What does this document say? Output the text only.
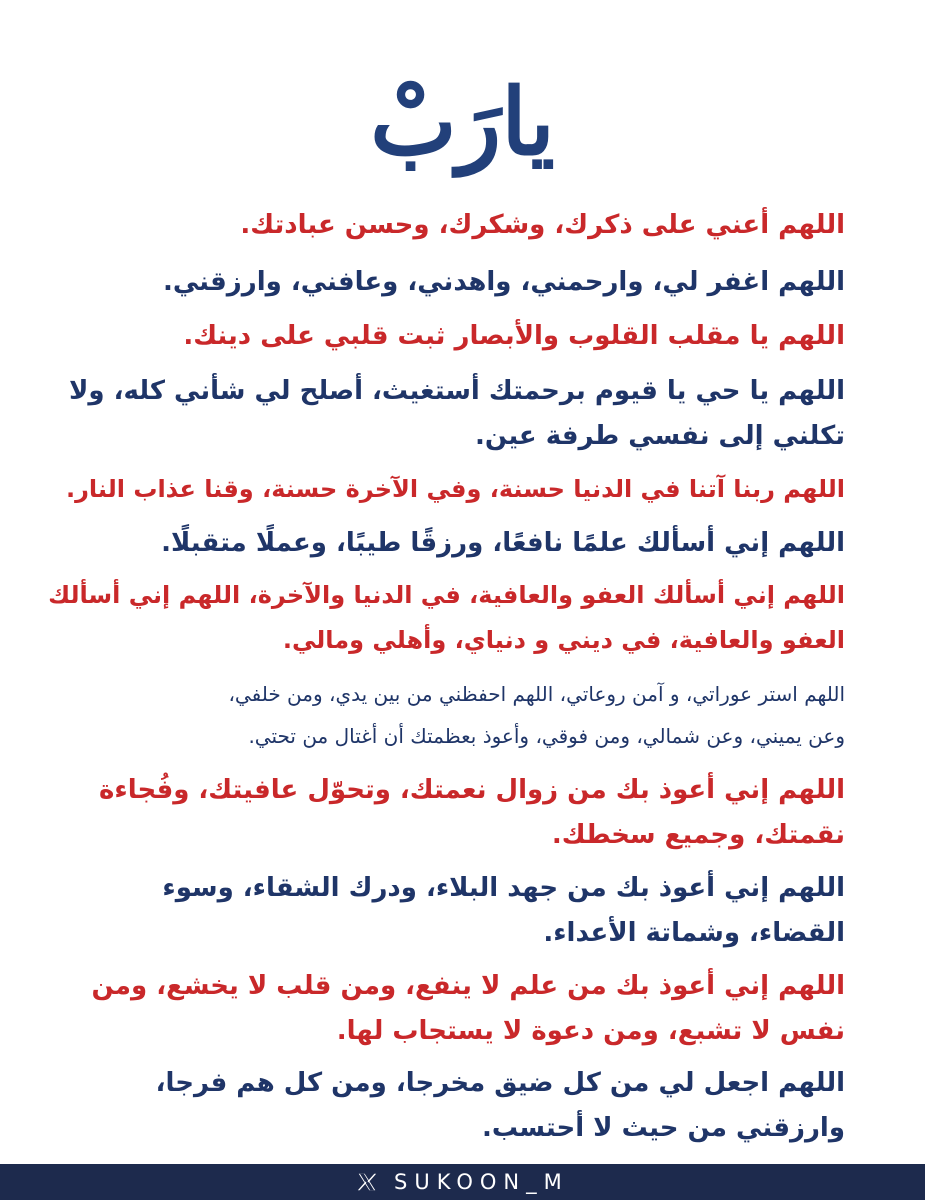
يارَبْ

اللهم أعني على ذكرك، وشكرك، وحسن عبادتك.

اللهم اغفر لي، وارحمني، واهدني، وعافني، وارزقني.

اللهم يا مقلب القلوب والأبصار ثبت قلبي على دينك.

اللهم يا حي يا قيوم برحمتك أستغيث، أصلح لي شأني كله، ولا

تكلني إلى نفسي طرفة عين.

اللهم ربنا آتنا في الدنيا حسنة، وفي الآخرة حسنة، وقنا عذاب النار.

اللهم إني أسألك علمًا نافعًا، ورزقًا طيبًا، وعملًا متقبلًا.

اللهم إني أسألك العفو والعافية، في الدنيا والآخرة، اللهم إني أسألك

العفو والعافية، في ديني و دنياي، وأهلي ومالي.

اللهم استر عوراتي، و آمن روعاتي، اللهم احفظني من بين يدي، ومن خلفي،

وعن يميني، وعن شمالي، ومن فوقي، وأعوذ بعظمتك أن أغتال من تحتي.

اللهم إني أعوذ بك من زوال نعمتك، وتحوّل عافيتك، وفُجاءة

نقمتك، وجميع سخطك.

اللهم إني أعوذ بك من جهد البلاء، ودرك الشقاء، وسوء

القضاء، وشماتة الأعداء.

اللهم إني أعوذ بك من علم لا ينفع، ومن قلب لا يخشع، ومن

نفس لا تشبع، ومن دعوة لا يستجاب لها.

اللهم اجعل لي من كل ضيق مخرجا، ومن كل هم فرجا،

وارزقني من حيث لا أحتسب.

SUKOON_M
